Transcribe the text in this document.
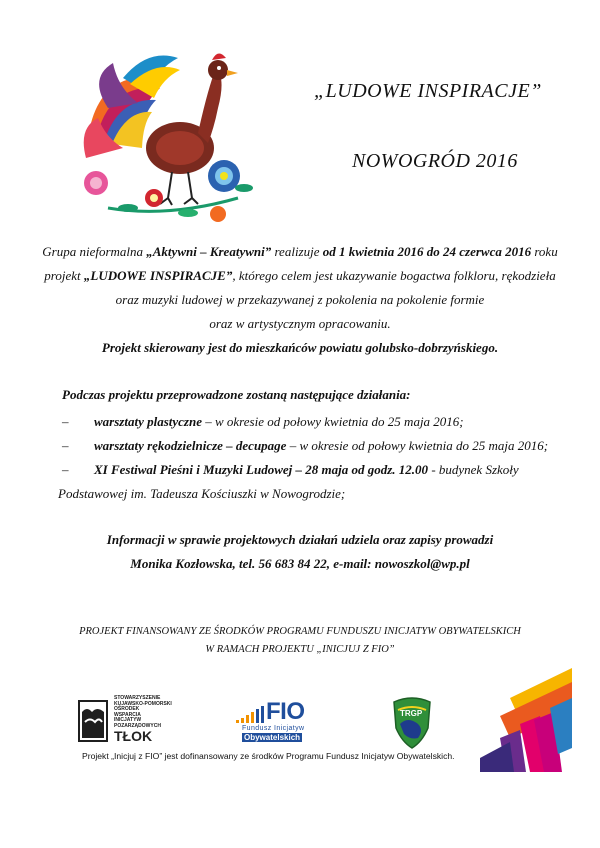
„LUDOWE INSPIRACJE”
NOWOGRÓD 2016
Grupa nieformalna „Aktywni – Kreatywni” realizuje od 1 kwietnia 2016 do 24 czerwca 2016 roku
projekt „LUDOWE INSPIRACJE”, którego celem jest ukazywanie bogactwa folkloru, rękodzieła
oraz muzyki ludowej w przekazywanej z pokolenia na pokolenie formie
oraz w artystycznym opracowaniu.
Projekt skierowany jest do mieszkańców powiatu golubsko-dobrzyńskiego.
Podczas projektu przeprowadzone zostaną następujące działania:
– warsztaty plastyczne – w okresie od połowy kwietnia do 25 maja 2016;
– warsztaty rękodzielnicze – decupage – w okresie od połowy kwietnia do 25 maja 2016;
– XI Festiwal Pieśni i Muzyki Ludowej – 28 maja od godz. 12.00 - budynek Szkoły
Podstawowej im. Tadeusza Kościuszki w Nowogrodzie;
Informacji w sprawie projektowych działań udziela oraz zapisy prowadzi
Monika Kozłowska, tel. 56 683 84 22, e-mail: nowoszkol@wp.pl
PROJEKT FINANSOWANY ZE ŚRODKÓW PROGRAMU FUNDUSZU INICJATYW OBYWATELSKICH
W RAMACH PROJEKTU „INICJUJ Z FIO”
STOWARZYSZENIE
KUJAWSKO-POMORSKI
OŚRODEK
WSPARCIA
INICJATYW
POZARZĄDOWYCH
TŁOK
FIO
Fundusz Inicjatyw
Obywatelskich
TRGP
Projekt „Inicjuj z FIO” jest dofinansowany ze środków Programu Fundusz Inicjatyw Obywatelskich.
